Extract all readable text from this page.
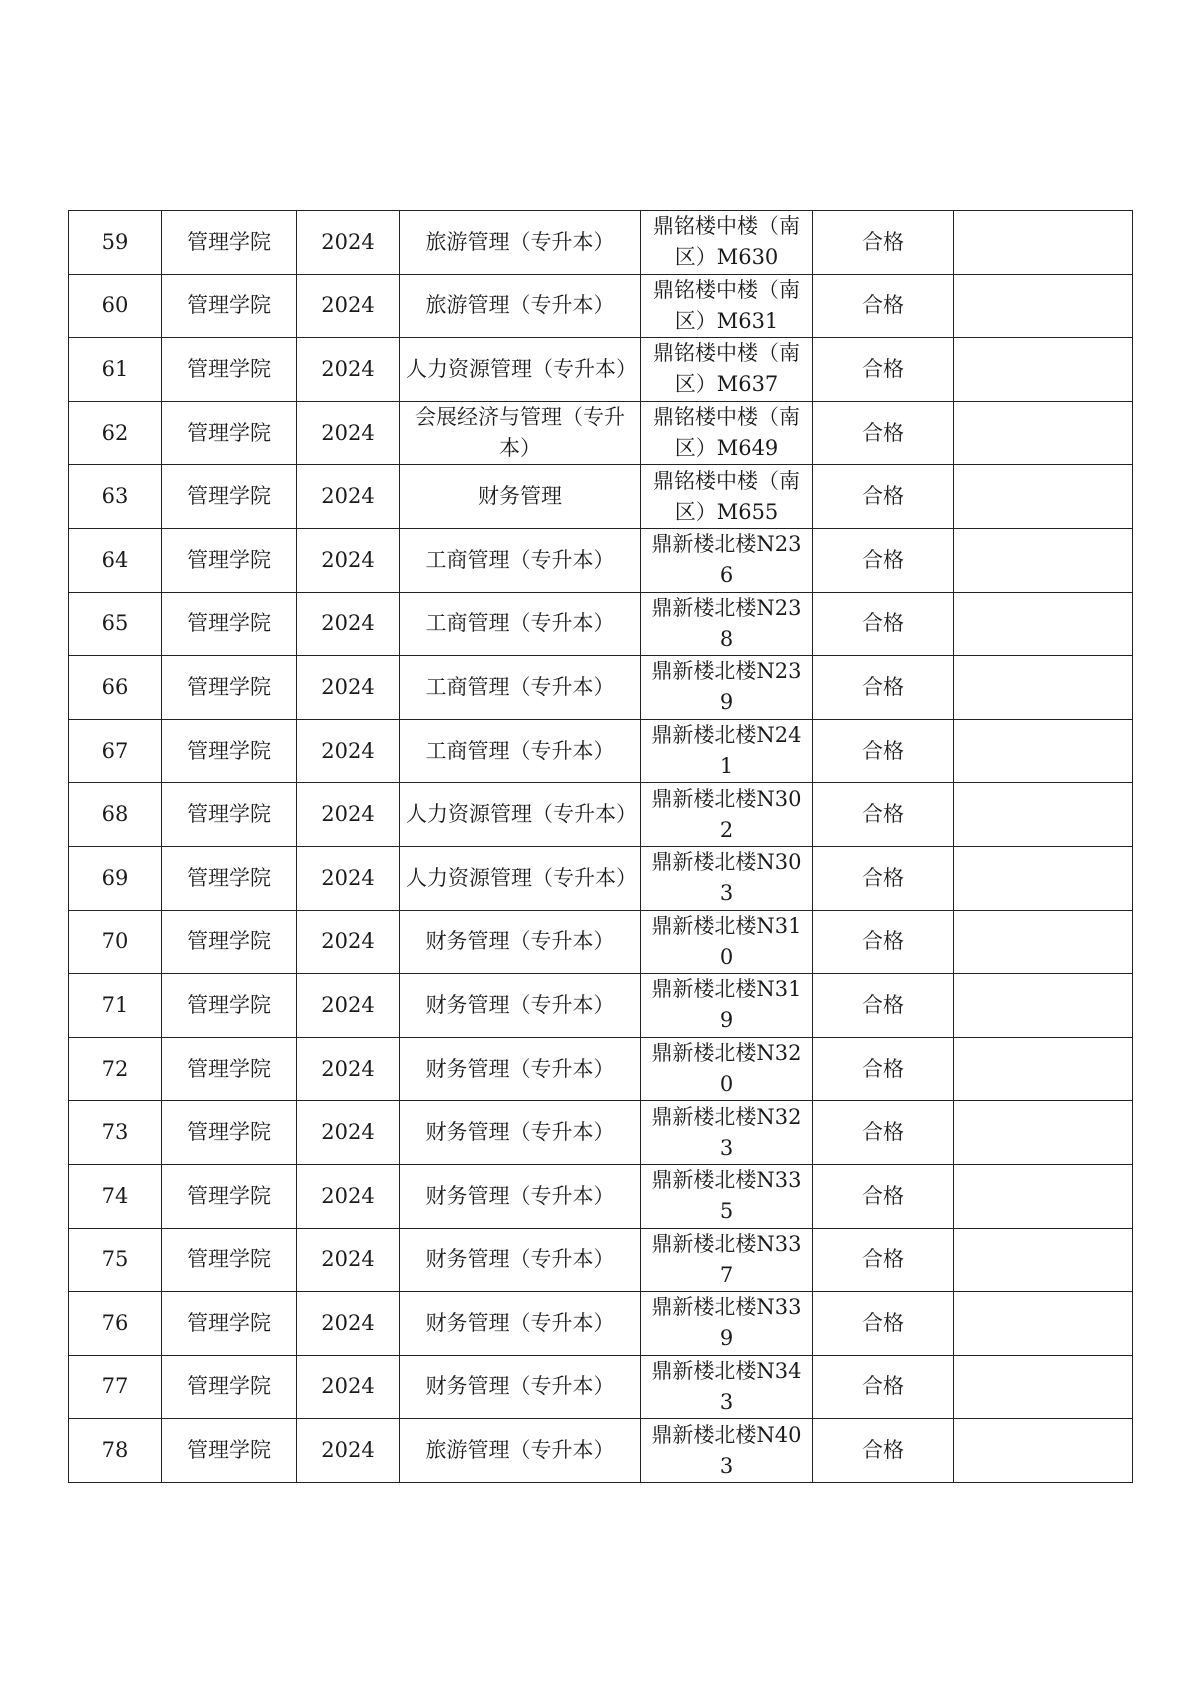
59	管理学院	2024	旅游管理（专升本）	鼎铭楼中楼（南区）M630	合格	
60	管理学院	2024	旅游管理（专升本）	鼎铭楼中楼（南区）M631	合格	
61	管理学院	2024	人力资源管理（专升本）	鼎铭楼中楼（南区）M637	合格	
62	管理学院	2024	会展经济与管理（专升本）	鼎铭楼中楼（南区）M649	合格	
63	管理学院	2024	财务管理	鼎铭楼中楼（南区）M655	合格	
64	管理学院	2024	工商管理（专升本）	鼎新楼北楼N236	合格	
65	管理学院	2024	工商管理（专升本）	鼎新楼北楼N238	合格	
66	管理学院	2024	工商管理（专升本）	鼎新楼北楼N239	合格	
67	管理学院	2024	工商管理（专升本）	鼎新楼北楼N241	合格	
68	管理学院	2024	人力资源管理（专升本）	鼎新楼北楼N302	合格	
69	管理学院	2024	人力资源管理（专升本）	鼎新楼北楼N303	合格	
70	管理学院	2024	财务管理（专升本）	鼎新楼北楼N310	合格	
71	管理学院	2024	财务管理（专升本）	鼎新楼北楼N319	合格	
72	管理学院	2024	财务管理（专升本）	鼎新楼北楼N320	合格	
73	管理学院	2024	财务管理（专升本）	鼎新楼北楼N323	合格	
74	管理学院	2024	财务管理（专升本）	鼎新楼北楼N335	合格	
75	管理学院	2024	财务管理（专升本）	鼎新楼北楼N337	合格	
76	管理学院	2024	财务管理（专升本）	鼎新楼北楼N339	合格	
77	管理学院	2024	财务管理（专升本）	鼎新楼北楼N343	合格	
78	管理学院	2024	旅游管理（专升本）	鼎新楼北楼N403	合格	
